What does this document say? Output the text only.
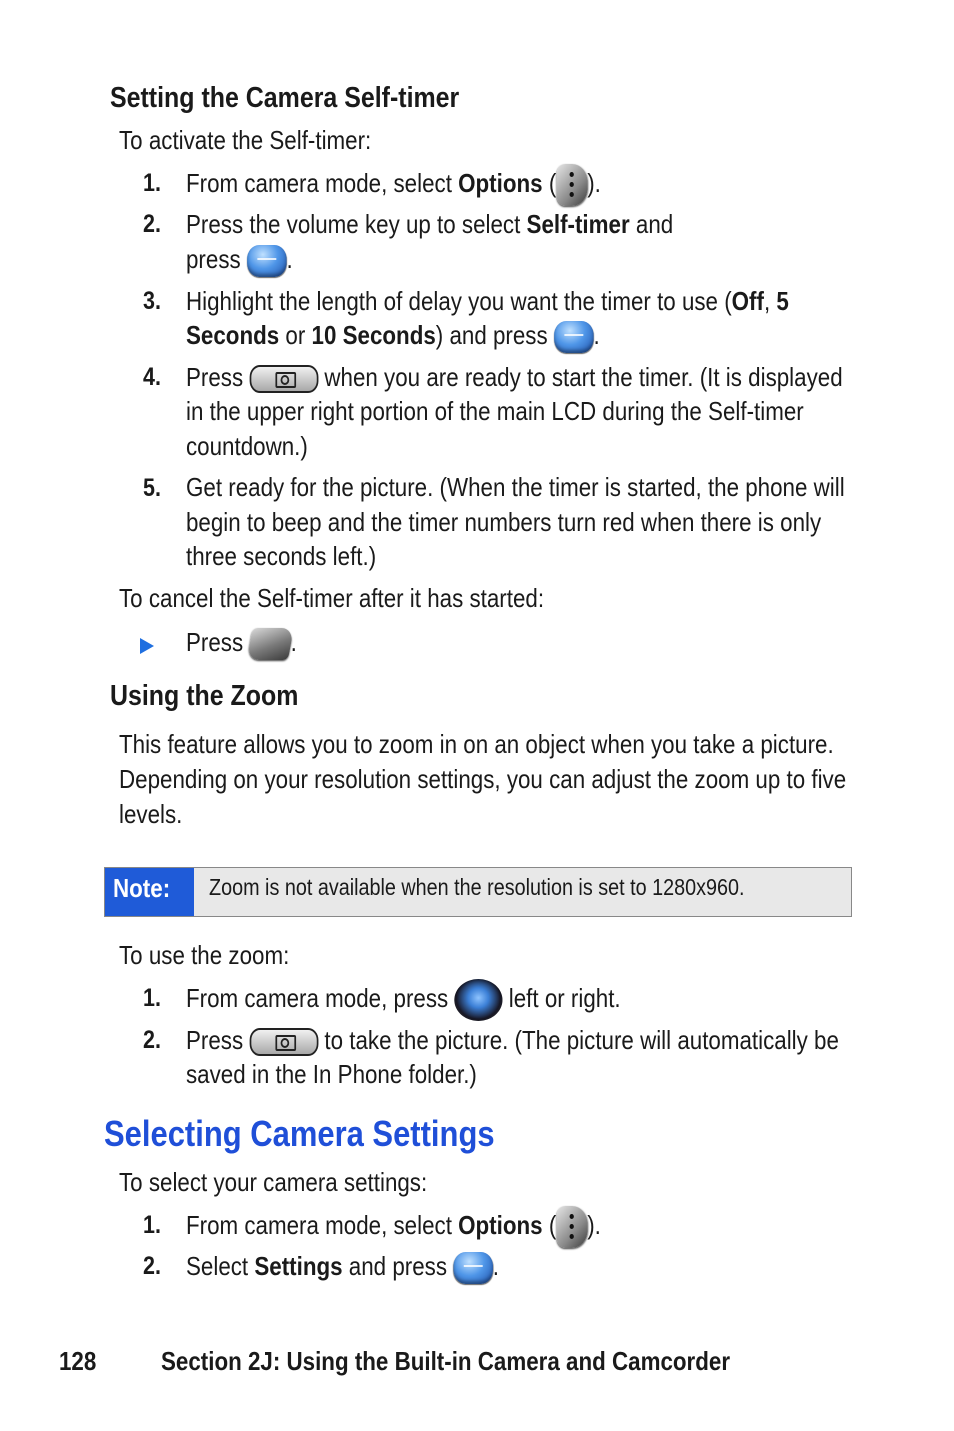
Setting the Camera Self-timer
To activate the Self-timer:
1. From camera mode, select Options ( ).
2. Press the volume key up to select Self-timer and
press .
3. Highlight the length of delay you want the timer to use (Off, 5
Seconds or 10 Seconds) and press .
4. Press	when you are ready to start the timer. (It is displayed
in the upper right portion of the main LCD during the Self-timer
countdown.)
5. Get ready for the picture. (When the timer is started, the phone will
begin to beep and the timer numbers turn red when there is only
three seconds left.)
To cancel the Self-timer after it has started:
Press .
Using the Zoom
This feature allows you to zoom in on an object when you take a picture.
Depending on your resolution settings, you can adjust the zoom up to five
levels.
Note:	Zoom is not available when the resolution is set to 1280x960.
To use the zoom:
1. From camera mode, press  left or right.
2. Press	to take the picture. (The picture will automatically be
saved in the In Phone folder.)
Selecting Camera Settings
To select your camera settings:
1. From camera mode, select Options ( ).
2. Select Settings and press .
128 Section 2J: Using the Built-in Camera and Camcorder
